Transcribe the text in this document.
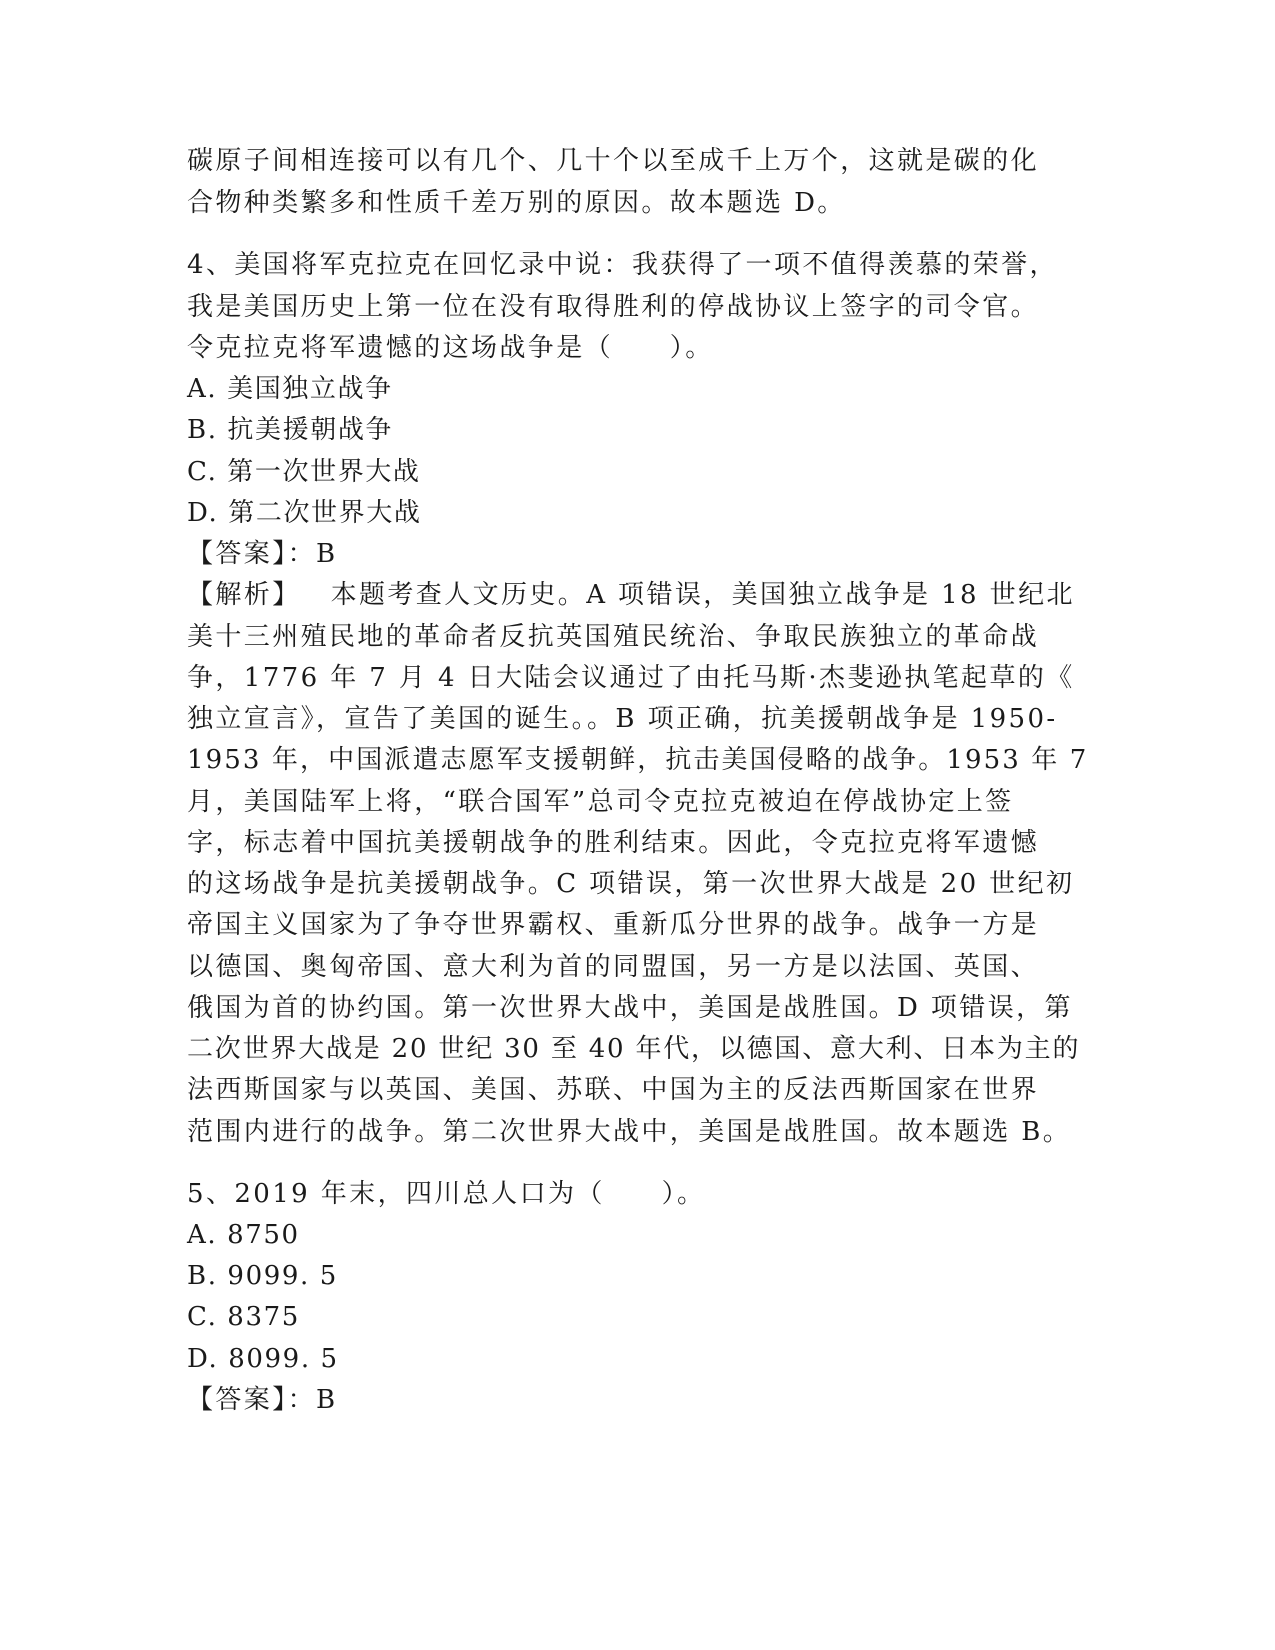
碳原子间相连接可以有几个、几十个以至成千上万个，这就是碳的化
合物种类繁多和性质千差万别的原因。故本题选 D。
4、美国将军克拉克在回忆录中说：我获得了一项不值得羡慕的荣誉，
我是美国历史上第一位在没有取得胜利的停战协议上签字的司令官。
令克拉克将军遗憾的这场战争是（　　）。
A. 美国独立战争
B. 抗美援朝战争
C. 第一次世界大战
D. 第二次世界大战
【答案】：B
【解析】 本题考查人文历史。A 项错误，美国独立战争是 18 世纪北
美十三州殖民地的革命者反抗英国殖民统治、争取民族独立的革命战
争，1776 年 7 月 4 日大陆会议通过了由托马斯·杰斐逊执笔起草的《
独立宣言》，宣告了美国的诞生。。B 项正确，抗美援朝战争是 1950-
1953 年，中国派遣志愿军支援朝鲜，抗击美国侵略的战争。1953 年 7
月，美国陆军上将，“联合国军”总司令克拉克被迫在停战协定上签
字，标志着中国抗美援朝战争的胜利结束。因此，令克拉克将军遗憾
的这场战争是抗美援朝战争。C 项错误，第一次世界大战是 20 世纪初
帝国主义国家为了争夺世界霸权、重新瓜分世界的战争。战争一方是
以德国、奥匈帝国、意大利为首的同盟国，另一方是以法国、英国、
俄国为首的协约国。第一次世界大战中，美国是战胜国。D 项错误，第
二次世界大战是 20 世纪 30 至 40 年代，以德国、意大利、日本为主的
法西斯国家与以英国、美国、苏联、中国为主的反法西斯国家在世界
范围内进行的战争。第二次世界大战中，美国是战胜国。故本题选 B。
5、2019 年末，四川总人口为（　　）。
A. 8750
B. 9099. 5
C. 8375
D. 8099. 5
【答案】：B
